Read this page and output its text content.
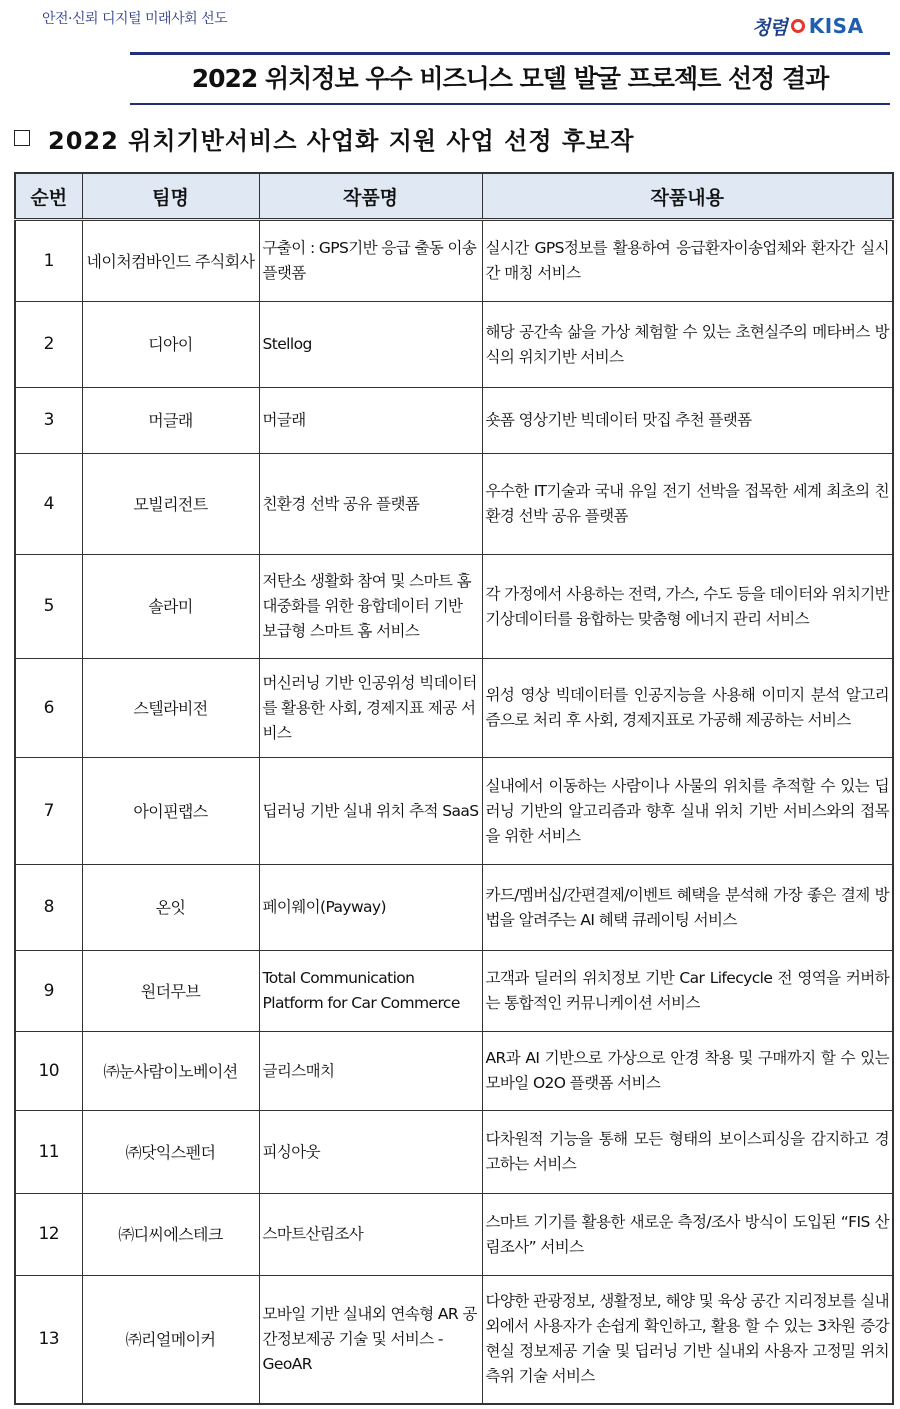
안전·신뢰 디지털 미래사회 선도	청렴 KISA
2022 위치정보 우수 비즈니스 모델 발굴 프로젝트 선정 결과
2022 위치기반서비스 사업화 지원 사업 선정 후보작
순번	팀명	작품명	작품내용
1	네이처컴바인드 주식회사	구출이 : GPS기반 응급 출동 이송 플랫폼	실시간 GPS정보를 활용하여 응급환자이송업체와 환자간 실시간 매칭 서비스
2	디아이	Stellog	해당 공간속 삶을 가상 체험할 수 있는 초현실주의 메타버스 방식의 위치기반 서비스
3	머글래	머글래	숏폼 영상기반 빅데이터 맛집 추천 플랫폼
4	모빌리전트	친환경 선박 공유 플랫폼	우수한 IT기술과 국내 유일 전기 선박을 접목한 세계 최초의 친환경 선박 공유 플랫폼
5	솔라미	저탄소 생활화 참여 및 스마트 홈 대중화를 위한 융합데이터 기반 보급형 스마트 홈 서비스	각 가정에서 사용하는 전력, 가스, 수도 등을 데이터와 위치기반 기상데이터를 융합하는 맞춤형 에너지 관리 서비스
6	스텔라비전	머신러닝 기반 인공위성 빅데이터를 활용한 사회, 경제지표 제공 서비스	위성 영상 빅데이터를 인공지능을 사용해 이미지 분석 알고리즘으로 처리 후 사회, 경제지표로 가공해 제공하는 서비스
7	아이핀랩스	딥러닝 기반 실내 위치 추적 SaaS	실내에서 이동하는 사람이나 사물의 위치를 추적할 수 있는 딥러닝 기반의 알고리즘과 향후 실내 위치 기반 서비스와의 접목을 위한 서비스
8	온잇	페이웨이(Payway)	카드/멤버십/간편결제/이벤트 혜택을 분석해 가장 좋은 결제 방법을 알려주는 AI 혜택 큐레이팅 서비스
9	원더무브	Total Communication Platform for Car Commerce	고객과 딜러의 위치정보 기반 Car Lifecycle 전 영역을 커버하는 통합적인 커뮤니케이션 서비스
10	㈜눈사람이노베이션	글리스매치	AR과 AI 기반으로 가상으로 안경 착용 및 구매까지 할 수 있는 모바일 O2O 플랫폼 서비스
11	㈜닷익스펜더	피싱아웃	다차원적 기능을 통해 모든 형태의 보이스피싱을 감지하고 경고하는 서비스
12	㈜디씨에스테크	스마트산림조사	스마트 기기를 활용한 새로운 측정/조사 방식이 도입된 “FIS 산림조사” 서비스
13	㈜리얼메이커	모바일 기반 실내외 연속형 AR 공간정보제공 기술 및 서비스 - GeoAR	다양한 관광정보, 생활정보, 해양 및 육상 공간 지리정보를 실내외에서 사용자가 손쉽게 확인하고, 활용 할 수 있는 3차원 증강현실 정보제공 기술 및 딥러닝 기반 실내외 사용자 고정밀 위치 측위 기술 서비스
